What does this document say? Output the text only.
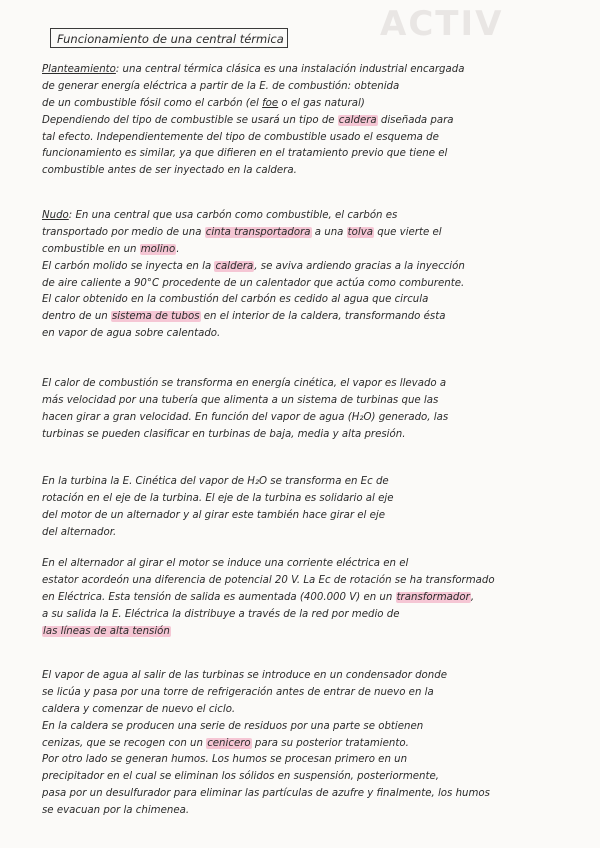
ACTIV
Funcionamiento de una central térmica
Planteamiento: una central térmica clásica es una instalación industrial encargada
de generar energía eléctrica a partir de la E. de combustión: obtenida
de un combustible fósil como el carbón (el foe o el gas natural)
Dependiendo del tipo de combustible se usará un tipo de caldera diseñada para
tal efecto. Independientemente del tipo de combustible usado el esquema de
funcionamiento es similar, ya que difieren en el tratamiento previo que tiene el
combustible antes de ser inyectado en la caldera.
Nudo: En una central que usa carbón como combustible, el carbón es
transportado por medio de una cinta transportadora a una tolva que vierte el
combustible en un molino.
El carbón molido se inyecta en la caldera, se aviva ardiendo gracias a la inyección
de aire caliente a 90°C procedente de un calentador que actúa como comburente.
El calor obtenido en la combustión del carbón es cedido al agua que circula
dentro de un sistema de tubos en el interior de la caldera, transformando ésta
en vapor de agua sobre calentado.
El calor de combustión se transforma en energía cinética, el vapor es llevado a
más velocidad por una tubería que alimenta a un sistema de turbinas que las
hacen girar a gran velocidad. En función del vapor de agua (H₂O) generado, las
turbinas se pueden clasificar en turbinas de baja, media y alta presión.
En la turbina la E. Cinética del vapor de H₂O se transforma en Ec de
rotación en el eje de la turbina. El eje de la turbina es solidario al eje
del motor de un alternador y al girar este también hace girar el eje
del alternador.
En el alternador al girar el motor se induce una corriente eléctrica en el
estator acordeón una diferencia de potencial 20 V. La Ec de rotación se ha transformado
en Eléctrica. Esta tensión de salida es aumentada (400.000 V) en un transformador,
a su salida la E. Eléctrica la distribuye a través de la red por medio de
las líneas de alta tensión
El vapor de agua al salir de las turbinas se introduce en un condensador donde
se licúa y pasa por una torre de refrigeración antes de entrar de nuevo en la
caldera y comenzar de nuevo el ciclo.
En la caldera se producen una serie de residuos por una parte se obtienen
cenizas, que se recogen con un cenicero para su posterior tratamiento.
Por otro lado se generan humos. Los humos se procesan primero en un
precipitador en el cual se eliminan los sólidos en suspensión, posteriormente,
pasa por un desulfurador para eliminar las partículas de azufre y finalmente, los humos
se evacuan por la chimenea.
